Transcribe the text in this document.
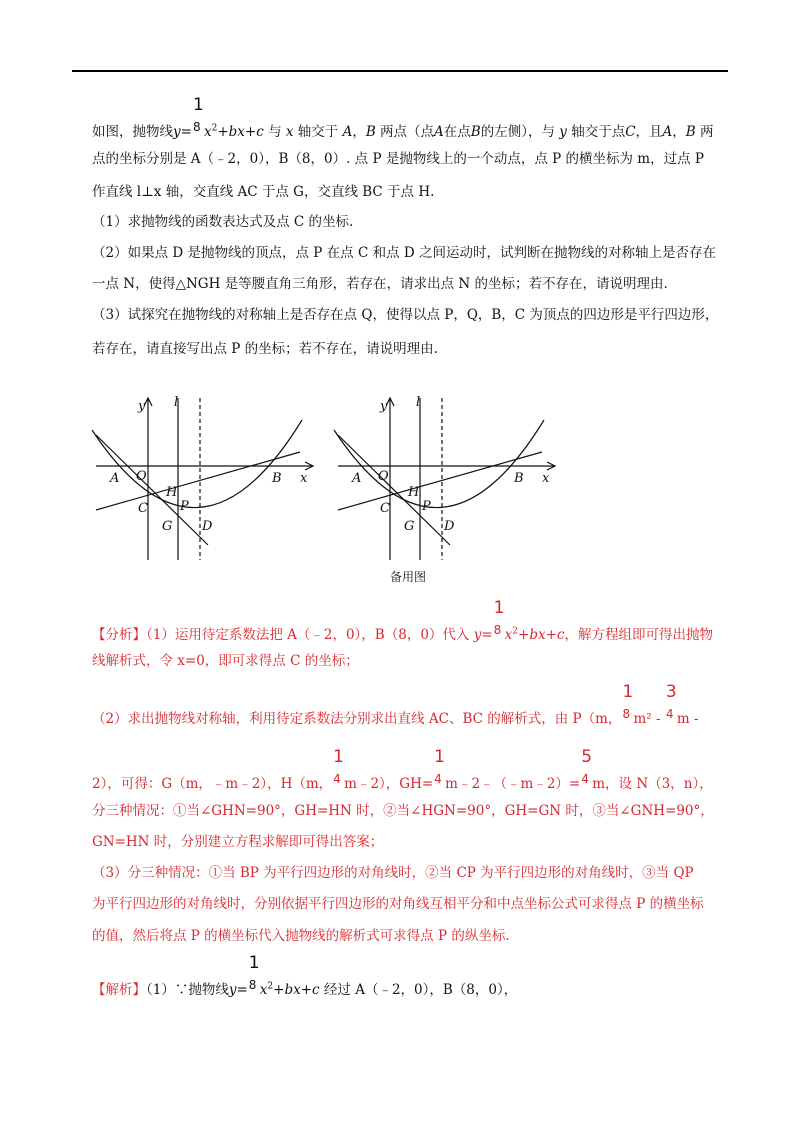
如图，抛物线y=
1
8 $x^2+bx+c$ 与 x 轴交于 A，B 两点（点A在点B的左侧），与 y 轴交于点C，且A，B 两
点的坐标分别是 A（﹣2，0），B（8，0）. 点 P 是抛物线上的一个动点，点 P 的横坐标为 m，过点 P
作直线 l⊥x 轴，交直线 AC 于点 G，交直线 BC 于点 H.
（1）求抛物线的函数表达式及点 C 的坐标.
（2）如果点 D 是抛物线的顶点，点 P 在点 C 和点 D 之间运动时，试判断在抛物线的对称轴上是否存在
一点 N，使得△NGH 是等腰直角三角形，若存在，请求出点 N 的坐标；若不存在，请说明理由.
（3）试探究在抛物线的对称轴上是否存在点 Q，使得以点 P，Q，B，C 为顶点的四边形是平行四边形，
若存在，请直接写出点 P 的坐标；若不存在，请说明理由.
y l
A O
H
B x
C P
G D
y l
A O
H
B x
C P
G D
备用图
【分析】（1）运用待定系数法把 A（﹣2，0），B（8，0）代入 y=
1
8 $x^2+bx+c$，解方程组即可得出抛物
线解析式，令 x=0，即可求得点 C 的坐标；
（2）求出抛物线对称轴，利用待定系数法分别求出直线 AC、BC 的解析式，由 P（m，
1
8 m² -
3
4 m -
2），可得：G（m，﹣m﹣2），H（m，
1
4 m﹣2），GH=
1
4 m﹣2﹣（﹣m﹣2）=
5
4 m，设 N（3，n），
分三种情况：①当∠GHN=90°，GH=HN 时，②当∠HGN=90°，GH=GN 时，③当∠GNH=90°，
GN=HN 时，分别建立方程求解即可得出答案；
（3）分三种情况：①当 BP 为平行四边形的对角线时，②当 CP 为平行四边形的对角线时，③当 QP
为平行四边形的对角线时，分别依据平行四边形的对角线互相平分和中点坐标公式可求得点 P 的横坐标
的值，然后将点 P 的横坐标代入抛物线的解析式可求得点 P 的纵坐标.
【解析】（1）∵抛物线y=
1
8 $x^2+bx+c$ 经过 A（﹣2，0），B（8，0），
